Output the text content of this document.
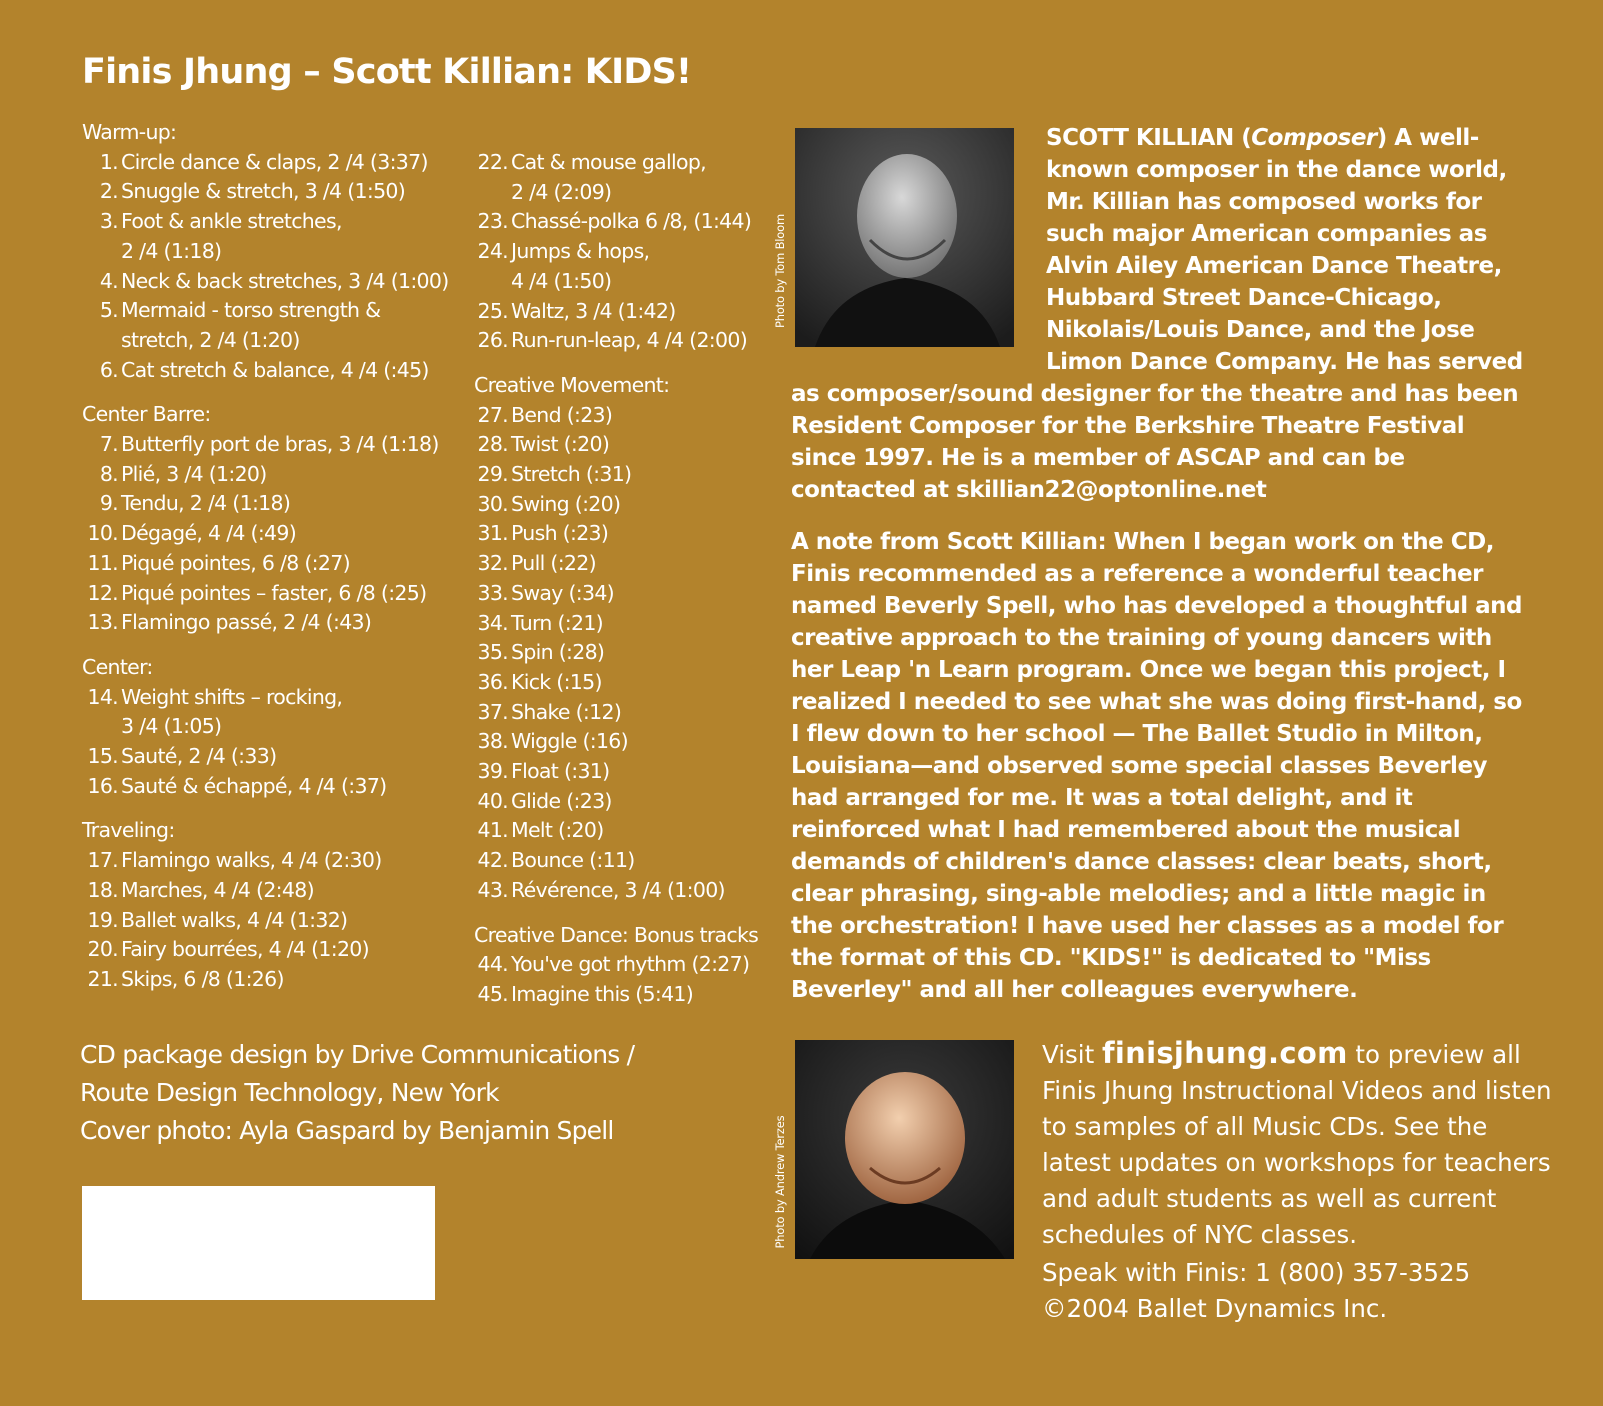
Finis Jhung – Scott Killian: KIDS!
Warm-up:
1. Circle dance & claps, 2 /4 (3:37)
2. Snuggle & stretch, 3 /4 (1:50)
3. Foot & ankle stretches,
2 /4 (1:18)
4. Neck & back stretches, 3 /4 (1:00)
5. Mermaid - torso strength &
stretch, 2 /4 (1:20)
6. Cat stretch & balance, 4 /4 (:45)
Center Barre:
7. Butterfly port de bras, 3 /4 (1:18)
8. Plié, 3 /4 (1:20)
9. Tendu, 2 /4 (1:18)
10. Dégagé, 4 /4 (:49)
11. Piqué pointes, 6 /8 (:27)
12. Piqué pointes – faster, 6 /8 (:25)
13. Flamingo passé, 2 /4 (:43)
Center:
14. Weight shifts – rocking,
3 /4 (1:05)
15. Sauté, 2 /4 (:33)
16. Sauté & échappé, 4 /4 (:37)
Traveling:
17. Flamingo walks, 4 /4 (2:30)
18. Marches, 4 /4 (2:48)
19. Ballet walks, 4 /4 (1:32)
20. Fairy bourrées, 4 /4 (1:20)
21. Skips, 6 /8 (1:26)
22. Cat & mouse gallop,
2 /4 (2:09)
23. Chassé-polka 6 /8, (1:44)
24. Jumps & hops,
4 /4 (1:50)
25. Waltz, 3 /4 (1:42)
26. Run-run-leap, 4 /4 (2:00)
Creative Movement:
27. Bend (:23)
28. Twist (:20)
29. Stretch (:31)
30. Swing (:20)
31. Push (:23)
32. Pull (:22)
33. Sway (:34)
34. Turn (:21)
35. Spin (:28)
36. Kick (:15)
37. Shake (:12)
38. Wiggle (:16)
39. Float (:31)
40. Glide (:23)
41. Melt (:20)
42. Bounce (:11)
43. Révérence, 3 /4 (1:00)
Creative Dance: Bonus tracks
44. You've got rhythm (2:27)
45. Imagine this (5:41)
CD package design by Drive Communications /
Route Design Technology, New York
Cover photo: Ayla Gaspard by Benjamin Spell
Photo by Tom Bloom
Photo by Andrew Terzes

SCOTT KILLIAN (Composer) A well-known composer in the dance world, Mr. Killian has composed works for such major American companies as Alvin Ailey American Dance Theatre, Hubbard Street Dance-Chicago, Nikolais/Louis Dance, and the Jose Limon Dance Company. He has served as composer/sound designer for the theatre and has been Resident Composer for the Berkshire Theatre Festival since 1997. He is a member of ASCAP and can be contacted at skillian22@optonline.net

A note from Scott Killian: When I began work on the CD, Finis recommended as a reference a wonderful teacher named Beverly Spell, who has developed a thoughtful and creative approach to the training of young dancers with her Leap 'n Learn program. Once we began this project, I realized I needed to see what she was doing first-hand, so I flew down to her school — The Ballet Studio in Milton, Louisiana—and observed some special classes Beverley had arranged for me. It was a total delight, and it reinforced what I had remembered about the musical demands of children's dance classes: clear beats, short, clear phrasing, sing-able melodies; and a little magic in the orchestration! I have used her classes as a model for the format of this CD. "KIDS!" is dedicated to "Miss Beverley" and all her colleagues everywhere.

Visit finisjhung.com to preview all Finis Jhung Instructional Videos and listen to samples of all Music CDs. See the latest updates on workshops for teachers and adult students as well as current schedules of NYC classes.
Speak with Finis: 1 (800) 357-3525
©2004 Ballet Dynamics Inc.
